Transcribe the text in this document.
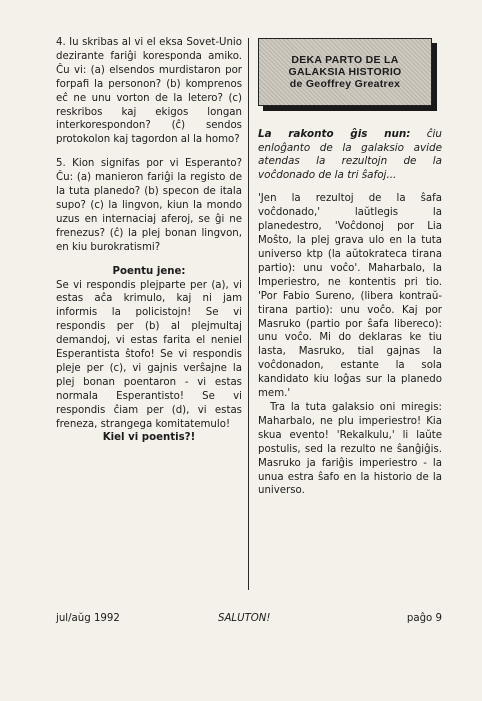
4. Iu skribas al vi el eksa Sovet-Unio dezirante fariĝi koresponda amiko. Ĉu vi: (a) elsendos murdistaron por forpafi la personon? (b) komprenos eĉ ne unu vorton de la letero? (c) reskribos kaj ekigos longan interkorespondon? (ĉ) sendos protokolon kaj tagordon al la homo?

5. Kion signifas por vi Esperanto? Ĉu: (a) manieron fariĝi la registo de la tuta planedo? (b) specon de itala supo? (c) la lingvon, kiun la mondo uzus en internaciaj aferoj, se ĝi ne frenezus? (ĉ) la plej bonan lingvon, en kiu burokratismi?

Poentu jene:

Se vi respondis plejparte per (a), vi estas aĉa krimulo, kaj ni jam informis la policistojn! Se vi respondis per (b) al plejmultaj demandoj, vi estas farita el neniel Esperantista ŝtofo! Se vi respondis pleje per (c), vi gajnis verŝajne la plej bonan poentaron - vi estas normala Esperantisto! Se vi respondis ĉiam per (d), vi estas freneza, strangega komitatemulo!

Kiel vi poentis?!
DEKA PARTO DE LA
GALAKSIA HISTORIO
de Geoffrey Greatrex
La rakonto ĝis nun: ĉiu enloĝanto de la galaksio avide atendas la rezultojn de la voĉdonado de la tri ŝafoj...

'Jen la rezultoj de la ŝafa voĉdonado,' laŭtlegis la planedestro, 'Voĉdonoj por Lia Moŝto, la plej grava ulo en la tuta universo ktp (la aŭtokrateca tirana partio): unu voĉo'. Maharbalo, la Imperiestro, ne kontentis pri tio. 'Por Fabio Sureno, (libera kontraŭ-tirana partio): unu voĉo. Kaj por Masruko (partio por ŝafa libereco): unu voĉo. Mi do deklaras ke tiu lasta, Masruko, tial gajnas la voĉdonadon, estante la sola kandidato kiu loĝas sur la planedo mem.'

Tra la tuta galaksio oni miregis: Maharbalo, ne plu imperiestro! Kia skua evento! 'Rekalkulu,' li laŭte postulis, sed la rezulto ne ŝanĝiĝis. Masruko ja fariĝis imperiestro - la unua estra ŝafo en la historio de la universo.

jul/aŭg 1992	SALUTON!	paĝo 9
